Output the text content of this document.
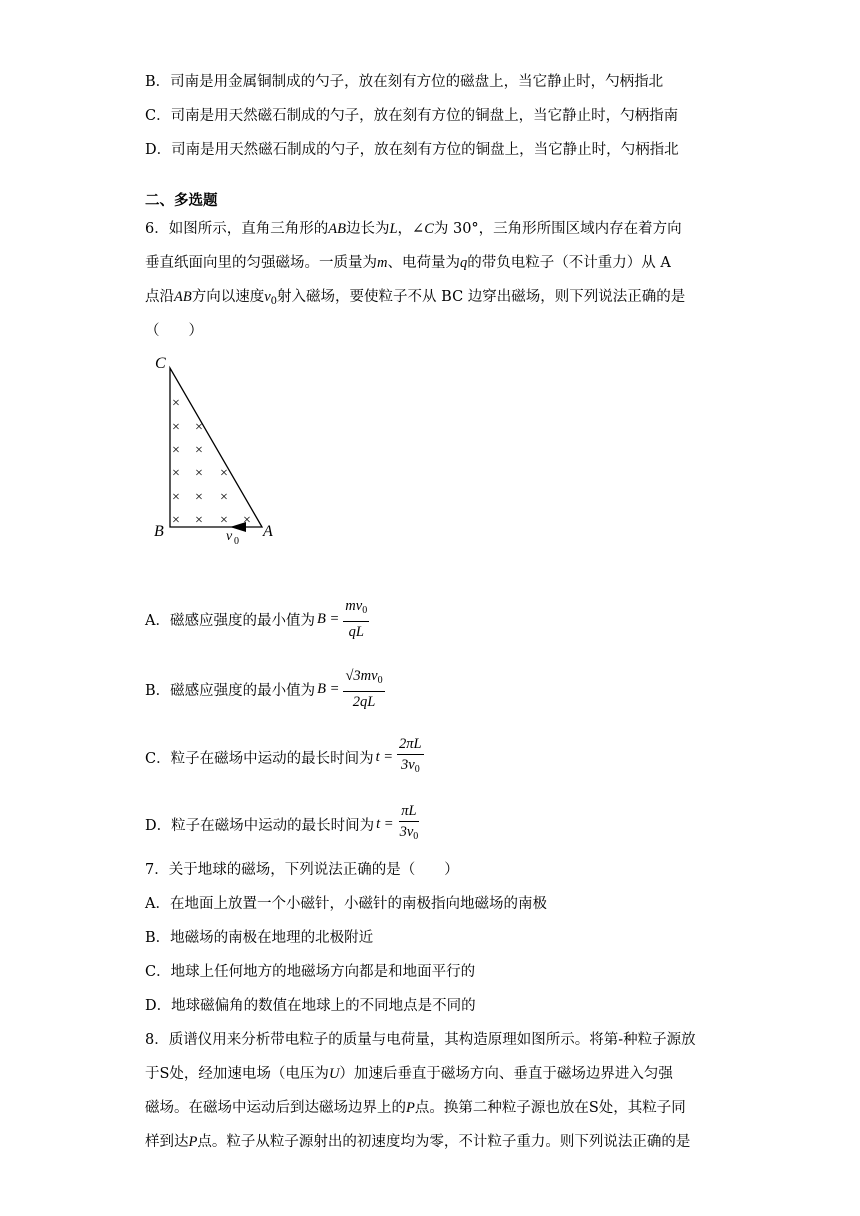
B．司南是用金属铜制成的勺子，放在刻有方位的磁盘上，当它静止时，勺柄指北
C．司南是用天然磁石制成的勺子，放在刻有方位的铜盘上，当它静止时，勺柄指南
D．司南是用天然磁石制成的勺子，放在刻有方位的铜盘上，当它静止时，勺柄指北
二、多选题
6．如图所示，直角三角形的AB边长为L，∠C为 30°，三角形所围区域内存在着方向
垂直纸面向里的匀强磁场。一质量为m、电荷量为q的带负电粒子（不计重力）从 A
点沿AB方向以速度$v_0$射入磁场，要使粒子不从 BC 边穿出磁场，则下列说法正确的是
（　　）
C
B	A
v 0
×
× ×
× ×
× × ×
× × ×
× × × ×
A．磁感应强度的最小值为 $B = \frac{mv_0}{qL}$
B．磁感应强度的最小值为 $B = \frac{√3mv_0}{2qL}$
C．粒子在磁场中运动的最长时间为 $t = \frac{2\pi L}{3v_0}$
D．粒子在磁场中运动的最长时间为 $t = \frac{\pi L}{3v_0}$
7．关于地球的磁场，下列说法正确的是（　　）
A．在地面上放置一个小磁针，小磁针的南极指向地磁场的南极
B．地磁场的南极在地理的北极附近
C．地球上任何地方的地磁场方向都是和地面平行的
D．地球磁偏角的数值在地球上的不同地点是不同的
8．质谱仪用来分析带电粒子的质量与电荷量，其构造原理如图所示。将第-种粒子源放
于S处，经加速电场（电压为U）加速后垂直于磁场方向、垂直于磁场边界进入匀强
磁场。在磁场中运动后到达磁场边界上的P点。换第二种粒子源也放在S处，其粒子同
样到达P点。粒子从粒子源射出的初速度均为零，不计粒子重力。则下列说法正确的是
